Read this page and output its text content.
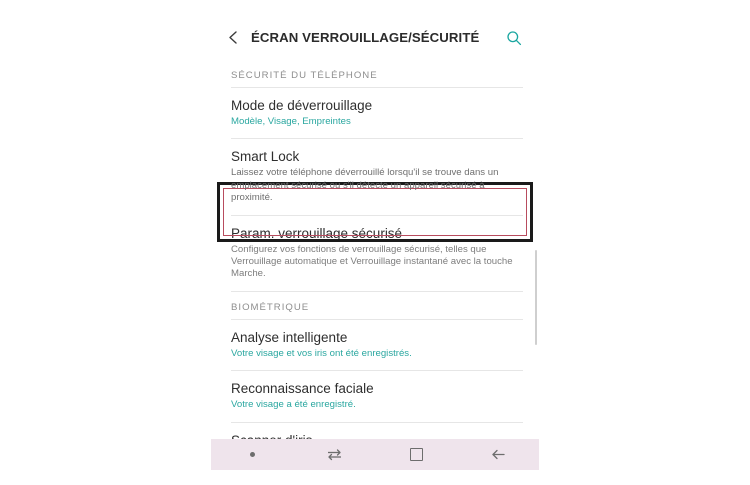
ÉCRAN VERROUILLAGE/SÉCURITÉ
SÉCURITÉ DU TÉLÉPHONE
Mode de déverrouillage
Modèle, Visage, Empreintes
Smart Lock
Laissez votre téléphone déverrouillé lorsqu'il se trouve dans un emplacement sécurisé ou s'il détecte un appareil sécurisé à proximité.
Param. verrouillage sécurisé
Configurez vos fonctions de verrouillage sécurisé, telles que Verrouillage automatique et Verrouillage instantané avec la touche Marche.
BIOMÉTRIQUE
Analyse intelligente
Votre visage et vos iris ont été enregistrés.
Reconnaissance faciale
Votre visage a été enregistré.
